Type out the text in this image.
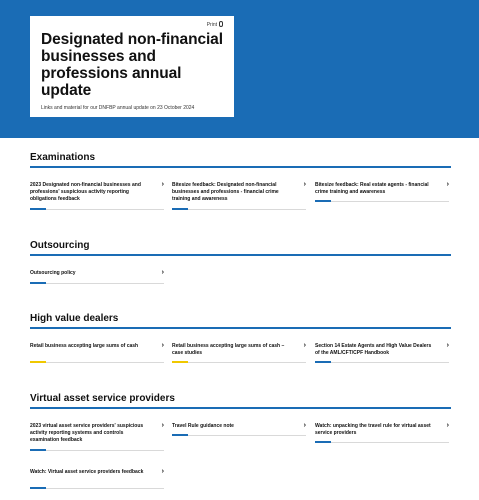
Print
Designated non-financial businesses and professions annual update
Links and material for our DNFBP annual update on 23 October 2024
Examinations
2023 Designated non-financial businesses and professions' suspicious activity reporting obligations feedback
› Bitesize feedback: Designated non-financial businesses and professions - financial crime training and awareness
› Bitesize feedback: Real estate agents - financial crime training and awareness
›
Outsourcing
Outsourcing policy	›
High value dealers
Retail business accepting large sums of cash	› Retail business accepting large sums of cash –case studies
› Section 14 Estate Agents and High Value Dealers of the AML/CFT/CPF Handbook
›
Virtual asset service providers
2023 virtual asset service providers' suspicious activity reporting systems and controls examination feedback
› Travel Rule guidance note	› Watch: unpacking the travel rule for virtual asset service providers
›
Watch: Virtual asset service providers feedback	›
